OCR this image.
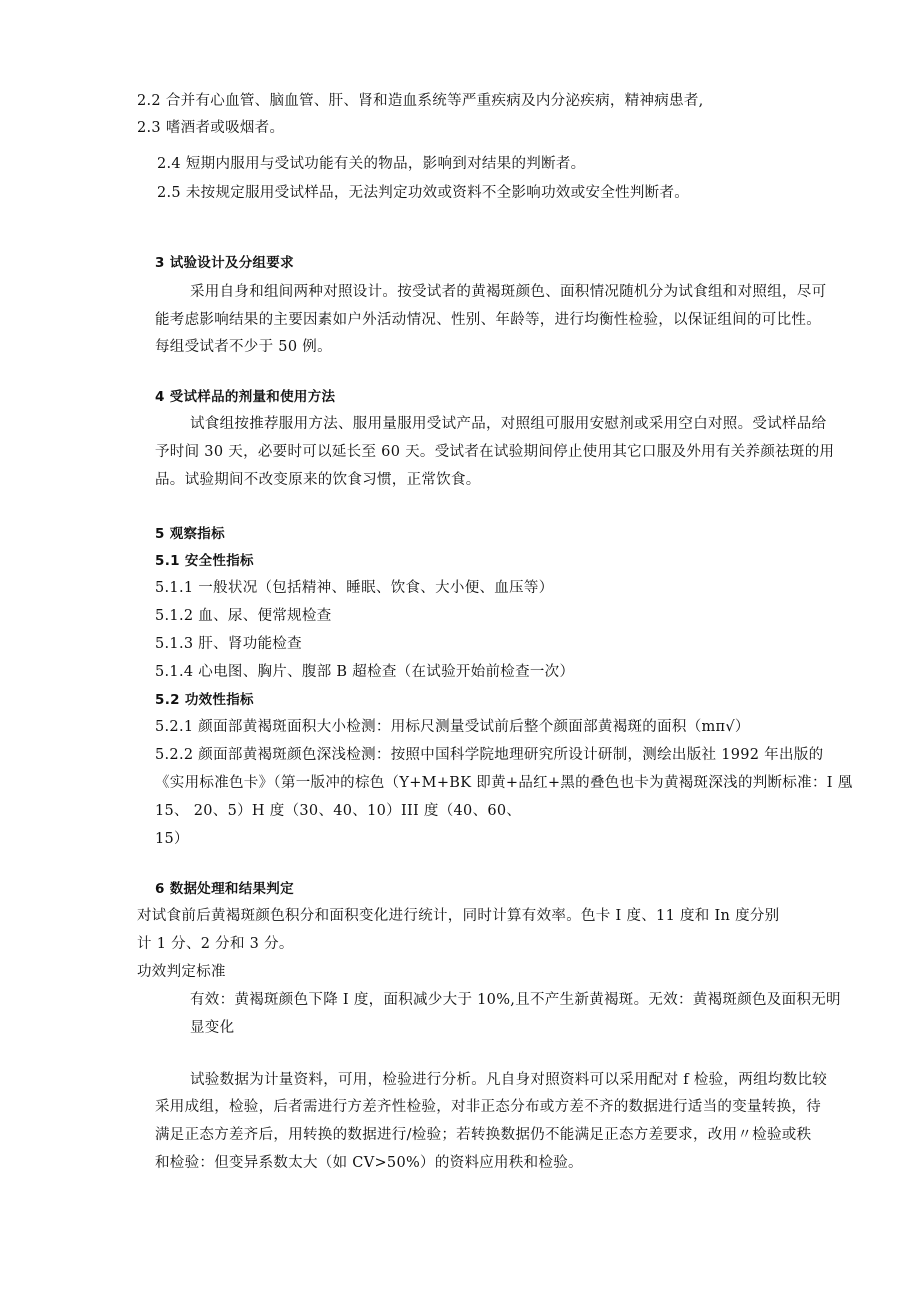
2.2 合并有心血管、脑血管、肝、肾和造血系统等严重疾病及内分泌疾病，精神病患者,
2.3 嗜酒者或吸烟者。
2.4 短期内服用与受试功能有关的物品，影响到对结果的判断者。
2.5 未按规定服用受试样品，无法判定功效或资料不全影响功效或安全性判断者。
3 试验设计及分组要求
采用自身和组间两种对照设计。按受试者的黄褐斑颜色、面积情况随机分为试食组和对照组，尽可
能考虑影响结果的主要因素如户外活动情况、性别、年龄等，进行均衡性检验，以保证组间的可比性。
每组受试者不少于 50 例。
4 受试样品的剂量和使用方法
试食组按推荐服用方法、服用量服用受试产品，对照组可服用安慰剂或采用空白对照。受试样品给
予时间 30 天，必要时可以延长至 60 天。受试者在试验期间停止使用其它口服及外用有关养颜祛斑的用
品。试验期间不改变原来的饮食习惯，正常饮食。
5 观察指标
5.1 安全性指标
5.1.1 一般状况（包括精神、睡眠、饮食、大小便、血压等）
5.1.2 血、尿、便常规检查
5.1.3 肝、肾功能检查
5.1.4 心电图、胸片、腹部 B 超检查（在试验开始前检查一次）
5.2 功效性指标
5.2.1 颜面部黄褐斑面积大小检测：用标尺测量受试前后整个颜面部黄褐斑的面积（mπ√）
5.2.2 颜面部黄褐斑颜色深浅检测：按照中国科学院地理研究所设计研制，测绘出版社 1992 年出版的
《实用标准色卡》（第一版冲的棕色（Y+M+BK 即黄+品红+黑的叠色也卡为黄褐斑深浅的判断标准：I 凰
15、 20、5）H 度（30、40、10）III 度（40、60、
15）
6 数据处理和结果判定
对试食前后黄褐斑颜色积分和面积变化进行统计，同时计算有效率。色卡 I 度、11 度和 In 度分别
计 1 分、2 分和 3 分。
功效判定标准
有效：黄褐斑颜色下降 I 度，面积减少大于 10%,且不产生新黄褐斑。无效：黄褐斑颜色及面积无明
显变化
试验数据为计量资料，可用，检验进行分析。凡自身对照资料可以采用配对 f 检验，两组均数比较
采用成组，检验，后者需进行方差齐性检验，对非正态分布或方差不齐的数据进行适当的变量转换，待
满足正态方差齐后，用转换的数据进行/检验；若转换数据仍不能满足正态方差要求，改用〃检验或秩
和检验：但变异系数太大（如 CV>50%）的资料应用秩和检验。
